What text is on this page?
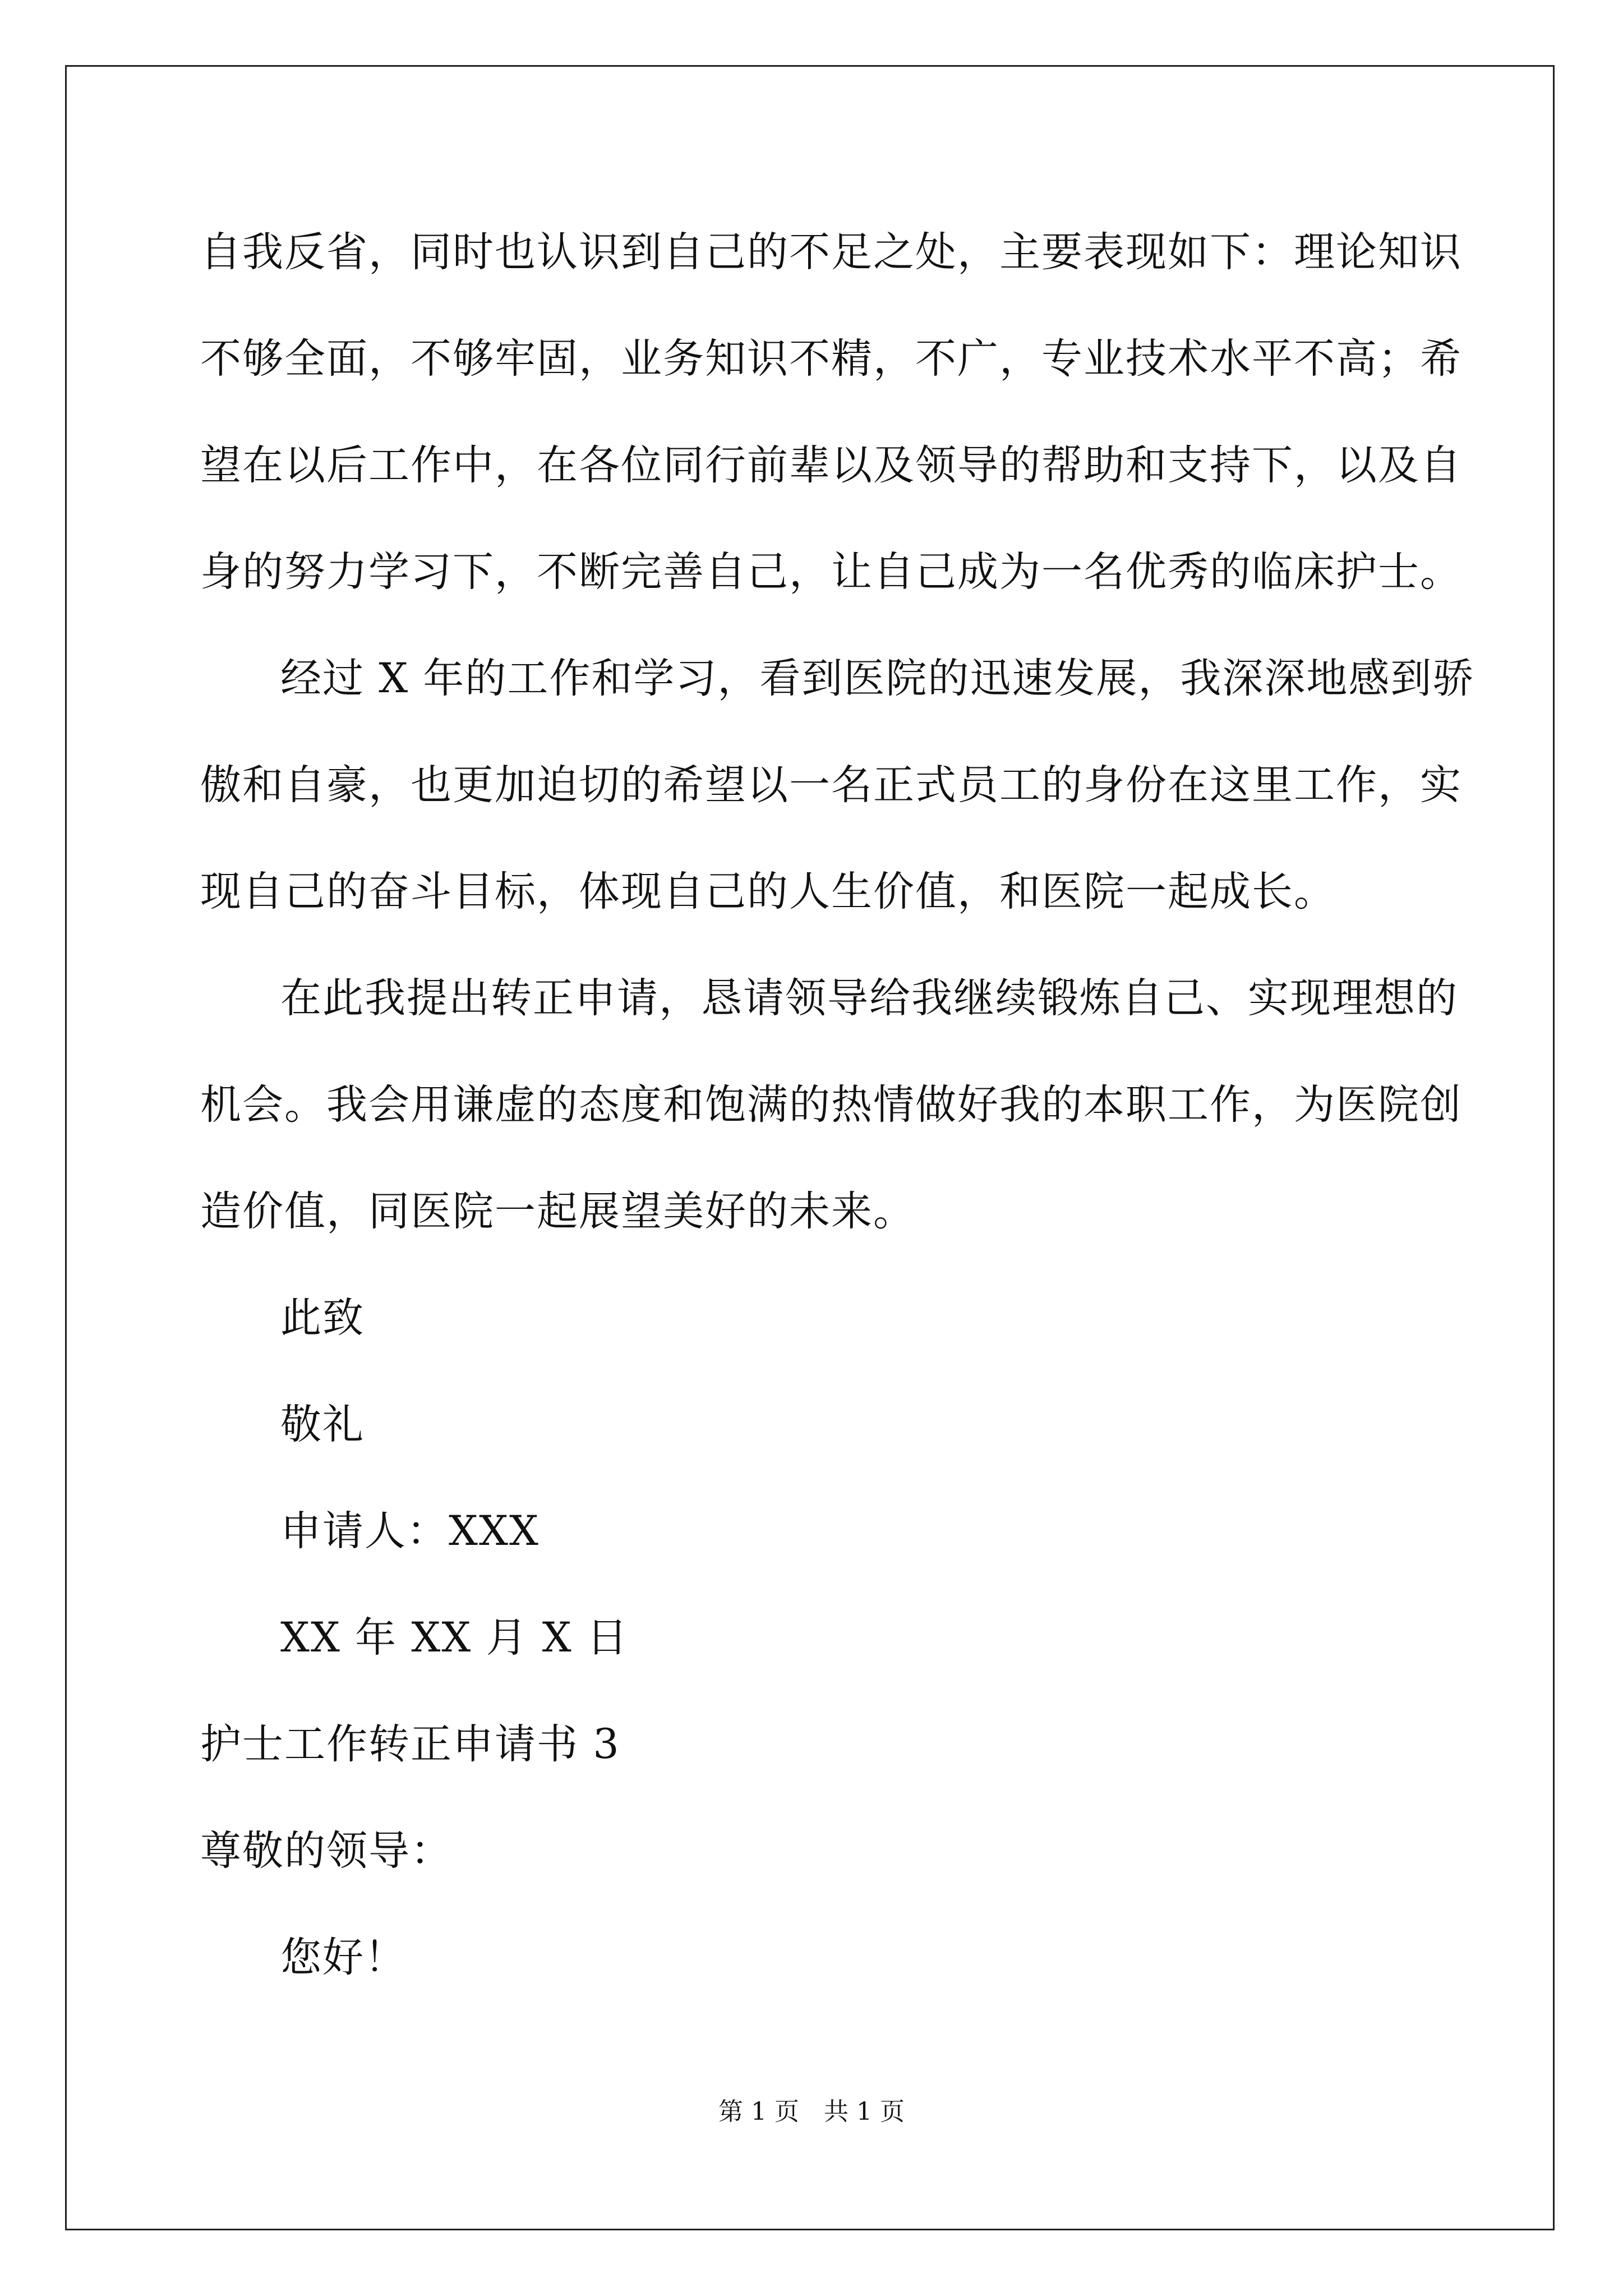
自我反省，同时也认识到自己的不足之处，主要表现如下：理论知识
不够全面，不够牢固，业务知识不精，不广，专业技术水平不高；希
望在以后工作中，在各位同行前辈以及领导的帮助和支持下，以及自
身的努力学习下，不断完善自己，让自己成为一名优秀的临床护士。
经过 X 年的工作和学习，看到医院的迅速发展，我深深地感到骄
傲和自豪，也更加迫切的希望以一名正式员工的身份在这里工作，实
现自己的奋斗目标，体现自己的人生价值，和医院一起成长。
在此我提出转正申请，恳请领导给我继续锻炼自己、实现理想的
机会。我会用谦虚的态度和饱满的热情做好我的本职工作，为医院创
造价值，同医院一起展望美好的未来。
此致
敬礼
申请人：XXX
XX 年 XX 月 X 日
护士工作转正申请书 3
尊敬的领导：
您好！
第 1 页　共 1 页
